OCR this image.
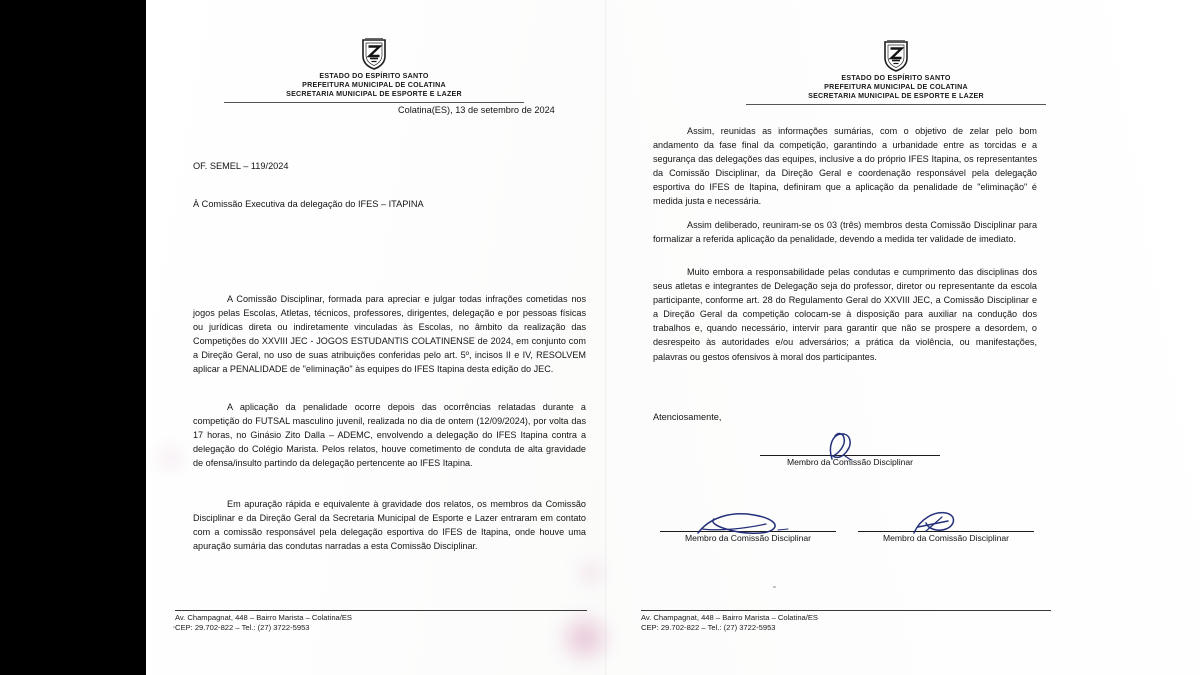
ESTADO DO ESPÍRITO SANTO
PREFEITURA MUNICIPAL DE COLATINA
SECRETARIA MUNICIPAL DE ESPORTE E LAZER
Colatina(ES), 13 de setembro de 2024
OF. SEMEL – 119/2024
À Comissão Executiva da delegação do IFES – ITAPINA
A Comissão Disciplinar, formada para apreciar e julgar todas infrações cometidas nos jogos pelas Escolas, Atletas, técnicos, professores, dirigentes, delegação e por pessoas físicas ou jurídicas direta ou indiretamente vinculadas às Escolas, no âmbito da realização das Competições do XXVIII JEC - JOGOS ESTUDANTIS COLATINENSE de 2024, em conjunto com a Direção Geral, no uso de suas atribuições conferidas pelo art. 5º, incisos II e IV, RESOLVEM aplicar a PENALIDADE de "eliminação" às equipes do IFES Itapina desta edição do JEC.
A aplicação da penalidade ocorre depois das ocorrências relatadas durante a competição do FUTSAL masculino juvenil, realizada no dia de ontem (12/09/2024), por volta das 17 horas, no Ginásio Zito Dalla – ADEMC, envolvendo a delegação do IFES Itapina contra a delegação do Colégio Marista. Pelos relatos, houve cometimento de conduta de alta gravidade de ofensa/insulto partindo da delegação pertencente ao IFES Itapina.
Em apuração rápida e equivalente à gravidade dos relatos, os membros da Comissão Disciplinar e da Direção Geral da Secretaria Municipal de Esporte e Lazer entraram em contato com a comissão responsável pela delegação esportiva do IFES de Itapina, onde houve uma apuração sumária das condutas narradas a esta Comissão Disciplinar.
Av. Champagnat, 448 – Bairro Marista – Colatina/ES
CEP: 29.702-822 – Tel.: (27) 3722-5953
ESTADO DO ESPÍRITO SANTO
PREFEITURA MUNICIPAL DE COLATINA
SECRETARIA MUNICIPAL DE ESPORTE E LAZER
Assim, reunidas as informações sumárias, com o objetivo de zelar pelo bom andamento da fase final da competição, garantindo a urbanidade entre as torcidas e a segurança das delegações das equipes, inclusive a do próprio IFES Itapina, os representantes da Comissão Disciplinar, da Direção Geral e coordenação responsável pela delegação esportiva do IFES de Itapina, definiram que a aplicação da penalidade de "eliminação" é medida justa e necessária.
Assim deliberado, reuniram-se os 03 (três) membros desta Comissão Disciplinar para formalizar a referida aplicação da penalidade, devendo a medida ter validade de imediato.
Muito embora a responsabilidade pelas condutas e cumprimento das disciplinas dos seus atletas e integrantes de Delegação seja do professor, diretor ou representante da escola participante, conforme art. 28 do Regulamento Geral do XXVIII JEC, a Comissão Disciplinar e a Direção Geral da competição colocam-se à disposição para auxiliar na condução dos trabalhos e, quando necessário, intervir para garantir que não se prospere a desordem, o desrespeito às autoridades e/ou adversários; a prática da violência, ou manifestações, palavras ou gestos ofensivos à moral dos participantes.
Atenciosamente,
Membro da Comissão Disciplinar
Membro da Comissão Disciplinar	Membro da Comissão Disciplinar
Av. Champagnat, 448 – Bairro Marista – Colatina/ES
CEP: 29.702-822 – Tel.: (27) 3722-5953
